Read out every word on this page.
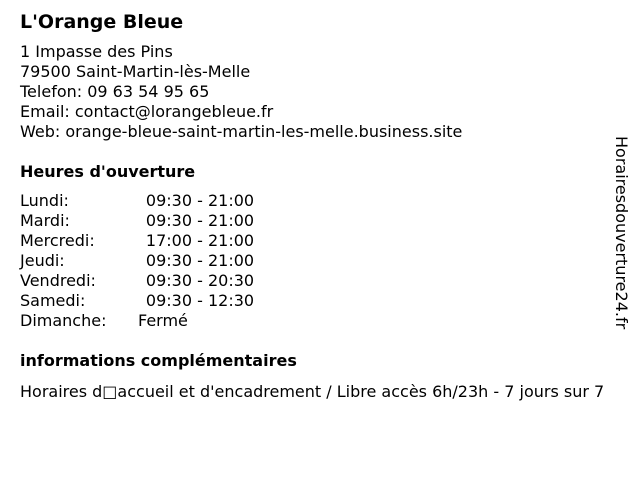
L'Orange Bleue
1 Impasse des Pins
79500 Saint-Martin-lès-Melle
Telefon: 09 63 54 95 65
Email: contact@lorangebleue.fr
Web: orange-bleue-saint-martin-les-melle.business.site
Heures d'ouverture
Lundi:	09:30 - 21:00
Mardi:	09:30 - 21:00
Mercredi:	17:00 - 21:00
Jeudi:	09:30 - 21:00
Vendredi:	09:30 - 20:30
Samedi:	09:30 - 12:30
Dimanche:	Fermé
informations complémentaires
Horaires d□accueil et d'encadrement / Libre accès 6h/23h - 7 jours sur 7
Horairesdouverture24.fr
